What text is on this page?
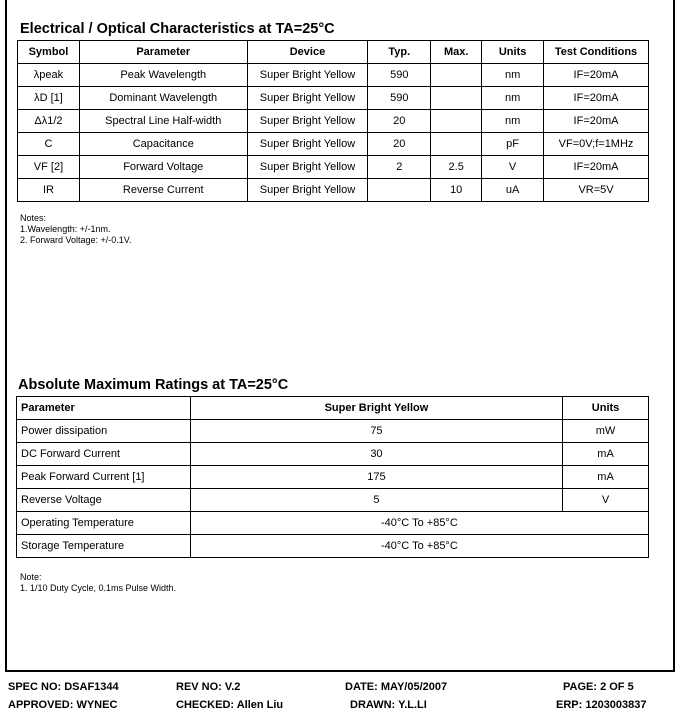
Electrical / Optical Characteristics at TA=25°C
Symbol	Parameter	Device	Typ.	Max.	Units	Test Conditions
λpeak	Peak Wavelength	Super Bright Yellow	590		nm	IF=20mA
λD [1]	Dominant Wavelength	Super Bright Yellow	590		nm	IF=20mA
Δλ1/2	Spectral Line Half-width	Super Bright Yellow	20		nm	IF=20mA
C	Capacitance	Super Bright Yellow	20		pF	VF=0V;f=1MHz
VF [2]	Forward Voltage	Super Bright Yellow	2	2.5	V	IF=20mA
IR	Reverse Current	Super Bright Yellow		10	uA	VR=5V
Notes:
1.Wavelength: +/-1nm.
2. Forward Voltage: +/-0.1V.
Absolute Maximum Ratings at TA=25°C
Parameter	Super Bright Yellow	Units
Power dissipation	75	mW
DC Forward Current	30	mA
Peak Forward Current [1]	175	mA
Reverse Voltage	5	V
Operating Temperature	-40°C To +85°C	
Storage Temperature	-40°C To +85°C	
Note:
1. 1/10 Duty Cycle, 0.1ms Pulse Width.
SPEC NO: DSAF1344	REV NO: V.2	DATE: MAY/05/2007	PAGE: 2 OF 5
APPROVED: WYNEC	CHECKED: Allen Liu	DRAWN: Y.L.LI	ERP: 1203003837
